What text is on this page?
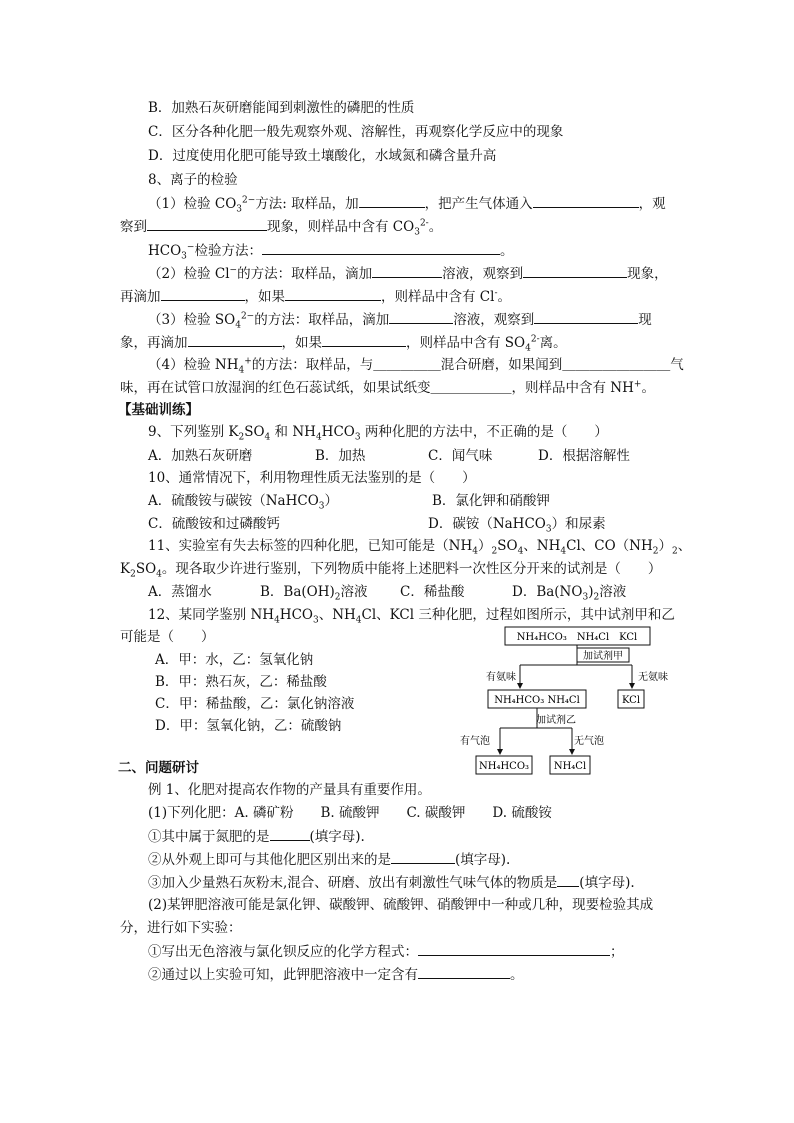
B．加熟石灰研磨能闻到刺激性的磷肥的性质
C．区分各种化肥一般先观察外观、溶解性，再观察化学反应中的现象
D．过度使用化肥可能导致土壤酸化，水域氮和磷含量升高
8、离子的检验
（1）检验 $CO_3^{2-}$方法: 取样品，加	，把产生气体通入	，观
察到	现象，则样品中含有 $CO_3^{2-}$。
$HCO_3^-$检验方法：	。
（2）检验 Cl−的方法：取样品，滴加	溶液，观察到	现象，
再滴加	，如果	，则样品中含有 Cl-。
（3）检验 $SO_4^{2-}$的方法：取样品，滴加	溶液，观察到	现
象，再滴加	，如果	，则样品中含有 $SO_4^{2-}$离。
（4）检验 $NH_4^+$的方法：取样品，与＿＿＿＿＿混合研磨，如果闻到＿＿＿＿＿＿＿＿气
味，再在试管口放湿润的红色石蕊试纸，如果试纸变＿＿＿＿＿＿，则样品中含有 NH+。
【基础训练】
9、下列鉴别 $K_2SO_4$ 和 $NH_4HCO_3$ 两种化肥的方法中，不正确的是（　　）
A．加熟石灰研磨	B．加热	C．闻气味	D．根据溶解性
10、通常情况下，利用物理性质无法鉴别的是（　　）
A．硫酸铵与碳铵（NaHCO$_3$）	B．氯化钾和硝酸钾
C．硫酸铵和过磷酸钙	D．碳铵（NaHCO$_3$）和尿素
11、实验室有失去标签的四种化肥，已知可能是$(NH_4)_2SO_4$、$NH_4Cl$、$CO(NH_2)_2$、
$K_2SO_4$。现各取少许进行鉴别，下列物质中能将上述肥料一次性区分开来的试剂是（　　）
A．蒸馏水	B．$Ba(OH)_2$溶液 C．稀盐酸	D．$Ba(NO_3)_2$溶液
12、某同学鉴别 $NH_4HCO_3$、$NH_4Cl$、KCl 三种化肥，过程如图所示，其中试剂甲和乙
可能是（　　）
A．甲：水，乙：氢氧化钠
B．甲：熟石灰，乙：稀盐酸
C．甲：稀盐酸，乙：氯化钠溶液
D．甲：氢氧化钠，乙：硫酸钠
NH₄HCO₃　NH₄Cl　KCl
加试剂甲
有氨味	无氨味
NH₄HCO₃ NH₄Cl	KCl
加试剂乙
有气泡	无气泡
NH₄HCO₃ NH₄Cl
二、问题研讨
例 1、化肥对提高农作物的产量具有重要作用。
(1)下列化肥：A. 磷矿粉　　B. 硫酸钾　　C. 碳酸钾　　D. 硫酸铵
①其中属于氮肥的是	(填字母).
②从外观上即可与其他化肥区别出来的是	(填字母).
③加入少量熟石灰粉末,混合、研磨、放出有刺激性气味气体的物质是 (填字母).
(2)某钾肥溶液可能是氯化钾、碳酸钾、硫酸钾、硝酸钾中一种或几种，现要检验其成
分，进行如下实验：
①写出无色溶液与氯化钡反应的化学方程式：	；
②通过以上实验可知，此钾肥溶液中一定含有	。
